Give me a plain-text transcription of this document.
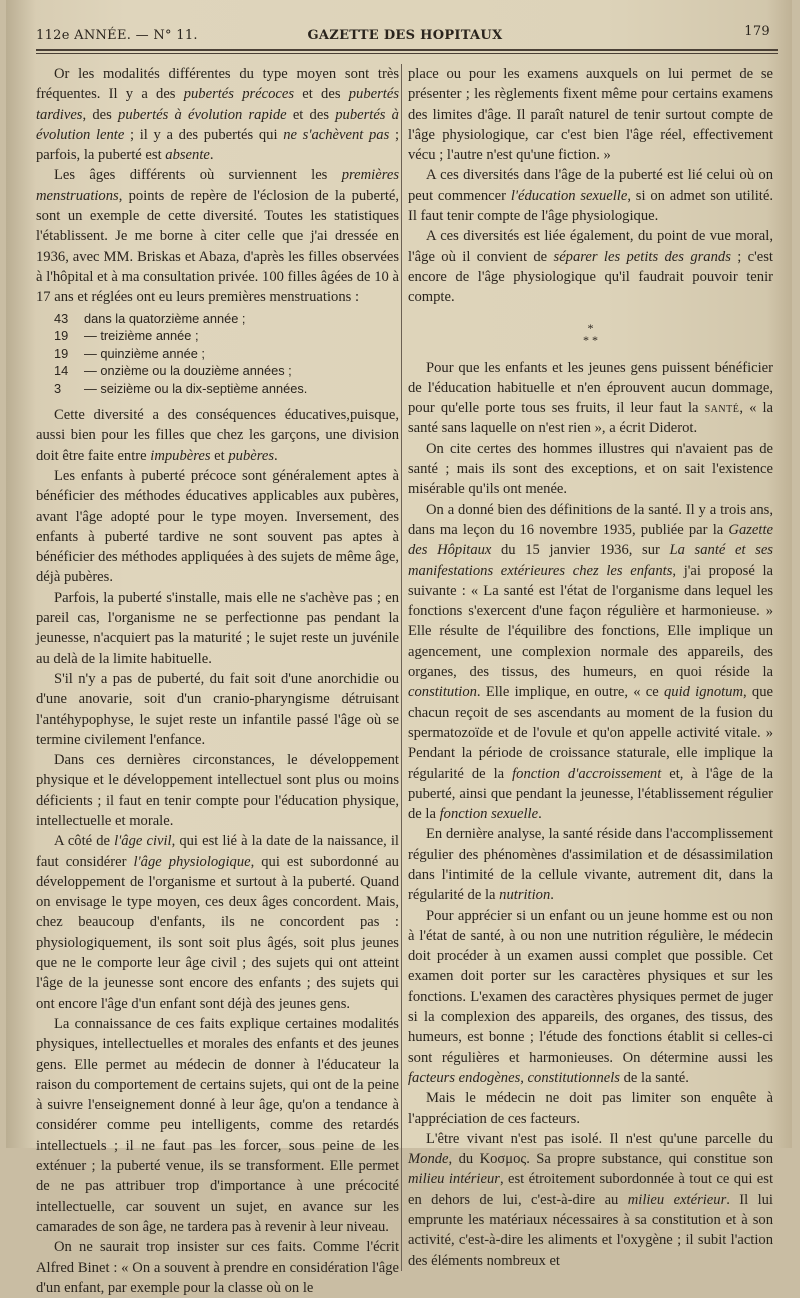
112e ANNÉE. — N° 11.	GAZETTE DES HOPITAUX	179

Or les modalités différentes du type moyen sont très fréquentes. Il y a des pubertés précoces et des pubertés tardives, des pubertés à évolution rapide et des pubertés à évolution lente ; il y a des pubertés qui ne s'achèvent pas ; parfois, la puberté est absente.

Les âges différents où surviennent les premières menstruations, points de repère de l'éclosion de la puberté, sont un exemple de cette diversité. Toutes les statistiques l'établissent. Je me borne à citer celle que j'ai dressée en 1936, avec MM. Briskas et Abaza, d'après les filles observées à l'hôpital et à ma consultation privée. 100 filles âgées de 10 à 17 ans et réglées ont eu leurs premières menstruations :

43 dans la quatorzième année ;
19 — treizième année ;
19 — quinzième année ;
14 — onzième ou la douzième années ;
3 — seizième ou la dix-septième années.

Cette diversité a des conséquences éducatives,puisque, aussi bien pour les filles que chez les garçons, une division doit être faite entre impubères et pubères.

Les enfants à puberté précoce sont généralement aptes à bénéficier des méthodes éducatives applicables aux pubères, avant l'âge adopté pour le type moyen. Inversement, des enfants à puberté tardive ne sont souvent pas aptes à bénéficier des méthodes appliquées à des sujets de même âge, déjà pubères.

Parfois, la puberté s'installe, mais elle ne s'achève pas ; en pareil cas, l'organisme ne se perfectionne pas pendant la jeunesse, n'acquiert pas la maturité ; le sujet reste un juvénile au delà de la limite habituelle.

S'il n'y a pas de puberté, du fait soit d'une anorchidie ou d'une anovarie, soit d'un cranio-pharyngisme détruisant l'antéhypophyse, le sujet reste un infantile passé l'âge où se termine civilement l'enfance.

Dans ces dernières circonstances, le développement physique et le développement intellectuel sont plus ou moins déficients ; il faut en tenir compte pour l'éducation physique, intellectuelle et morale.

A côté de l'âge civil, qui est lié à la date de la naissance, il faut considérer l'âge physiologique, qui est subordonné au développement de l'organisme et surtout à la puberté. Quand on envisage le type moyen, ces deux âges concordent. Mais, chez beaucoup d'enfants, ils ne concordent pas : physiologiquement, ils sont soit plus âgés, soit plus jeunes que ne le comporte leur âge civil ; des sujets qui ont atteint l'âge de la jeunesse sont encore des enfants ; des sujets qui ont encore l'âge d'un enfant sont déjà des jeunes gens.

La connaissance de ces faits explique certaines modalités physiques, intellectuelles et morales des enfants et des jeunes gens. Elle permet au médecin de donner à l'éducateur la raison du comportement de certains sujets, qui ont de la peine à suivre l'enseignement donné à leur âge, qu'on a tendance à considérer comme peu intelligents, comme des retardés intellectuels ; il ne faut pas les forcer, sous peine de les exténuer ; la puberté venue, ils se transforment. Elle permet de ne pas attribuer trop d'importance à une précocité intellectuelle, car souvent un sujet, en avance sur les camarades de son âge, ne tardera pas à revenir à leur niveau.

On ne saurait trop insister sur ces faits. Comme l'écrit Alfred Binet : « On a souvent à prendre en considération l'âge d'un enfant, par exemple pour la classe où on le

place ou pour les examens auxquels on lui permet de se présenter ; les règlements fixent même pour certains examens des limites d'âge. Il paraît naturel de tenir surtout compte de l'âge physiologique, car c'est bien l'âge réel, effectivement vécu ; l'autre n'est qu'une fiction. »

A ces diversités dans l'âge de la puberté est lié celui où on peut commencer l'éducation sexuelle, si on admet son utilité. Il faut tenir compte de l'âge physiologique.

A ces diversités est liée également, du point de vue moral, l'âge où il convient de séparer les petits des grands ; c'est encore de l'âge physiologique qu'il faudrait pouvoir tenir compte.

*
* *

Pour que les enfants et les jeunes gens puissent bénéficier de l'éducation habituelle et n'en éprouvent aucun dommage, pour qu'elle porte tous ses fruits, il leur faut la santé, « la santé sans laquelle on n'est rien », a écrit Diderot.

On cite certes des hommes illustres qui n'avaient pas de santé ; mais ils sont des exceptions, et on sait l'existence misérable qu'ils ont menée.

On a donné bien des définitions de la santé. Il y a trois ans, dans ma leçon du 16 novembre 1935, publiée par la Gazette des Hôpitaux du 15 janvier 1936, sur La santé et ses manifestations extérieures chez les enfants, j'ai proposé la suivante : « La santé est l'état de l'organisme dans lequel les fonctions s'exercent d'une façon régulière et harmonieuse. » Elle résulte de l'équilibre des fonctions, Elle implique un agencement, une complexion normale des appareils, des organes, des tissus, des humeurs, en quoi réside la constitution. Elle implique, en outre, « ce quid ignotum, que chacun reçoit de ses ascendants au moment de la fusion du spermatozoïde et de l'ovule et qu'on appelle activité vitale. » Pendant la période de croissance staturale, elle implique la régularité de la fonction d'accroissement et, à l'âge de la puberté, ainsi que pendant la jeunesse, l'établissement régulier de la fonction sexuelle.

En dernière analyse, la santé réside dans l'accomplissement régulier des phénomènes d'assimilation et de désassimilation dans l'intimité de la cellule vivante, autrement dit, dans la régularité de la nutrition.

Pour apprécier si un enfant ou un jeune homme est ou non à l'état de santé, à ou non une nutrition régulière, le médecin doit procéder à un examen aussi complet que possible. Cet examen doit porter sur les caractères physiques et sur les fonctions. L'examen des caractères physiques permet de juger si la complexion des appareils, des organes, des tissus, des humeurs, est bonne ; l'étude des fonctions établit si celles-ci sont régulières et harmonieuses. On détermine aussi les facteurs endogènes, constitutionnels de la santé.

Mais le médecin ne doit pas limiter son enquête à l'appréciation de ces facteurs.

L'être vivant n'est pas isolé. Il n'est qu'une parcelle du Monde, du Κοσμος. Sa propre substance, qui constitue son milieu intérieur, est étroitement subordonnée à tout ce qui est en dehors de lui, c'est-à-dire au milieu extérieur. Il lui emprunte les matériaux nécessaires à sa constitution et à son activité, c'est-à-dire les aliments et l'oxygène ; il subit l'action des éléments nombreux et
